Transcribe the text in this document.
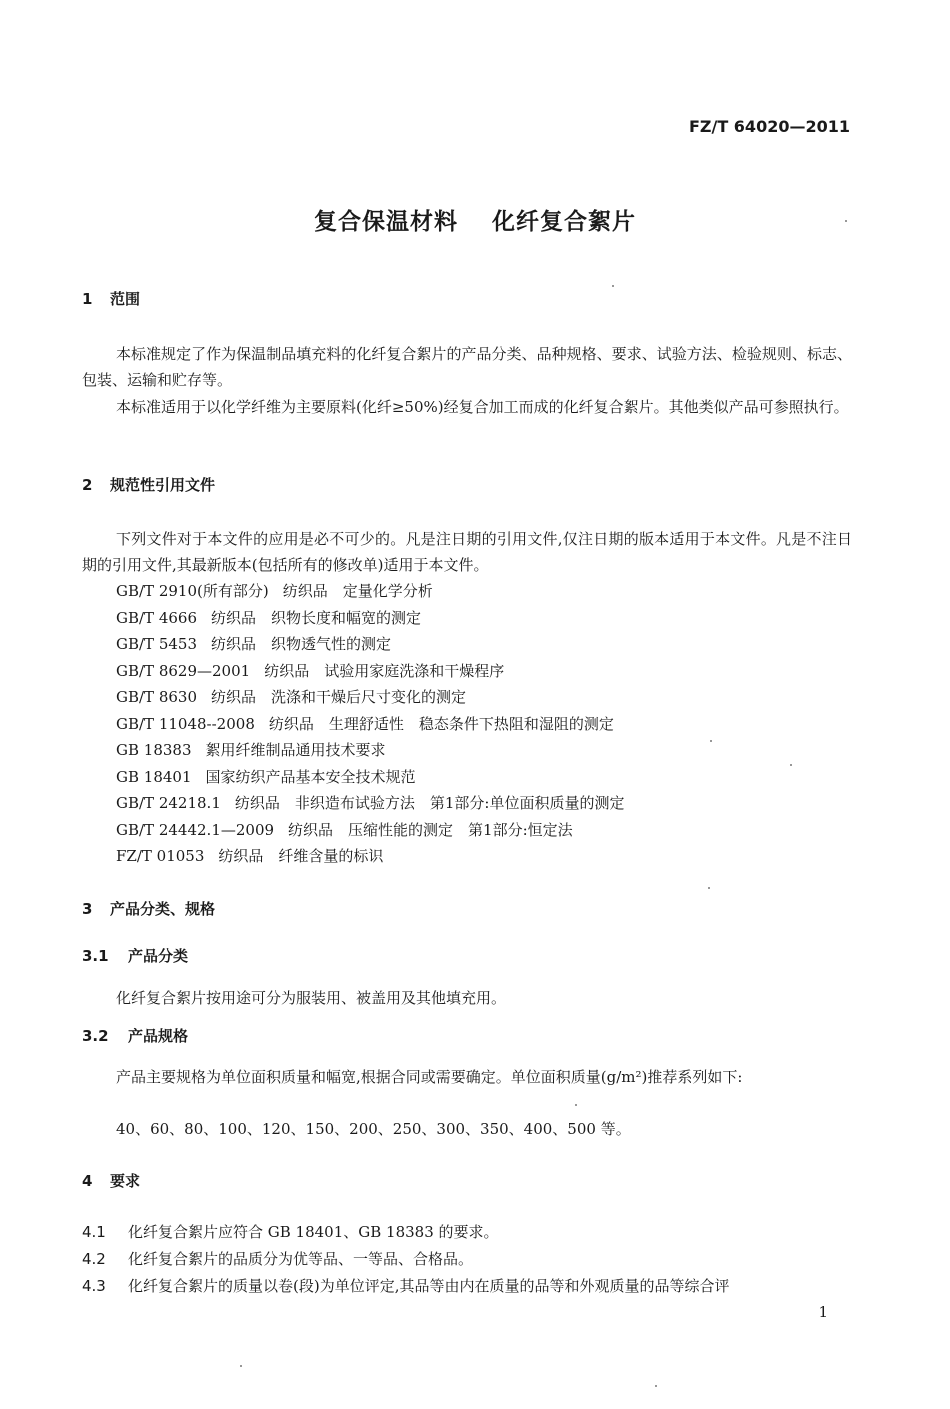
FZ/T 64020—2011
复合保温材料 化纤复合絮片
1 范围
本标准规定了作为保温制品填充料的化纤复合絮片的产品分类、品种规格、要求、试验方法、检验规则、标志、包装、运输和贮存等。
本标准适用于以化学纤维为主要原料(化纤≥50%)经复合加工而成的化纤复合絮片。其他类似产品可参照执行。
2 规范性引用文件
下列文件对于本文件的应用是必不可少的。凡是注日期的引用文件,仅注日期的版本适用于本文件。凡是不注日期的引用文件,其最新版本(包括所有的修改单)适用于本文件。
GB/T 2910(所有部分) 纺织品　定量化学分析
GB/T 4666 纺织品　织物长度和幅宽的测定
GB/T 5453 纺织品　织物透气性的测定
GB/T 8629—2001 纺织品　试验用家庭洗涤和干燥程序
GB/T 8630 纺织品　洗涤和干燥后尺寸变化的测定
GB/T 11048--2008 纺织品　生理舒适性　稳态条件下热阻和湿阻的测定
GB 18383 絮用纤维制品通用技术要求
GB 18401 国家纺织产品基本安全技术规范
GB/T 24218.1 纺织品　非织造布试验方法　第1部分:单位面积质量的测定
GB/T 24442.1—2009 纺织品　压缩性能的测定　第1部分:恒定法
FZ/T 01053 纺织品　纤维含量的标识
3 产品分类、规格
3.1 产品分类
化纤复合絮片按用途可分为服装用、被盖用及其他填充用。
3.2 产品规格
产品主要规格为单位面积质量和幅宽,根据合同或需要确定。单位面积质量(g/m²)推荐系列如下:
40、60、80、100、120、150、200、250、300、350、400、500 等。
4 要求
4.1 化纤复合絮片应符合 GB 18401、GB 18383 的要求。
4.2 化纤复合絮片的品质分为优等品、一等品、合格品。
4.3 化纤复合絮片的质量以卷(段)为单位评定,其品等由内在质量的品等和外观质量的品等综合评
1
